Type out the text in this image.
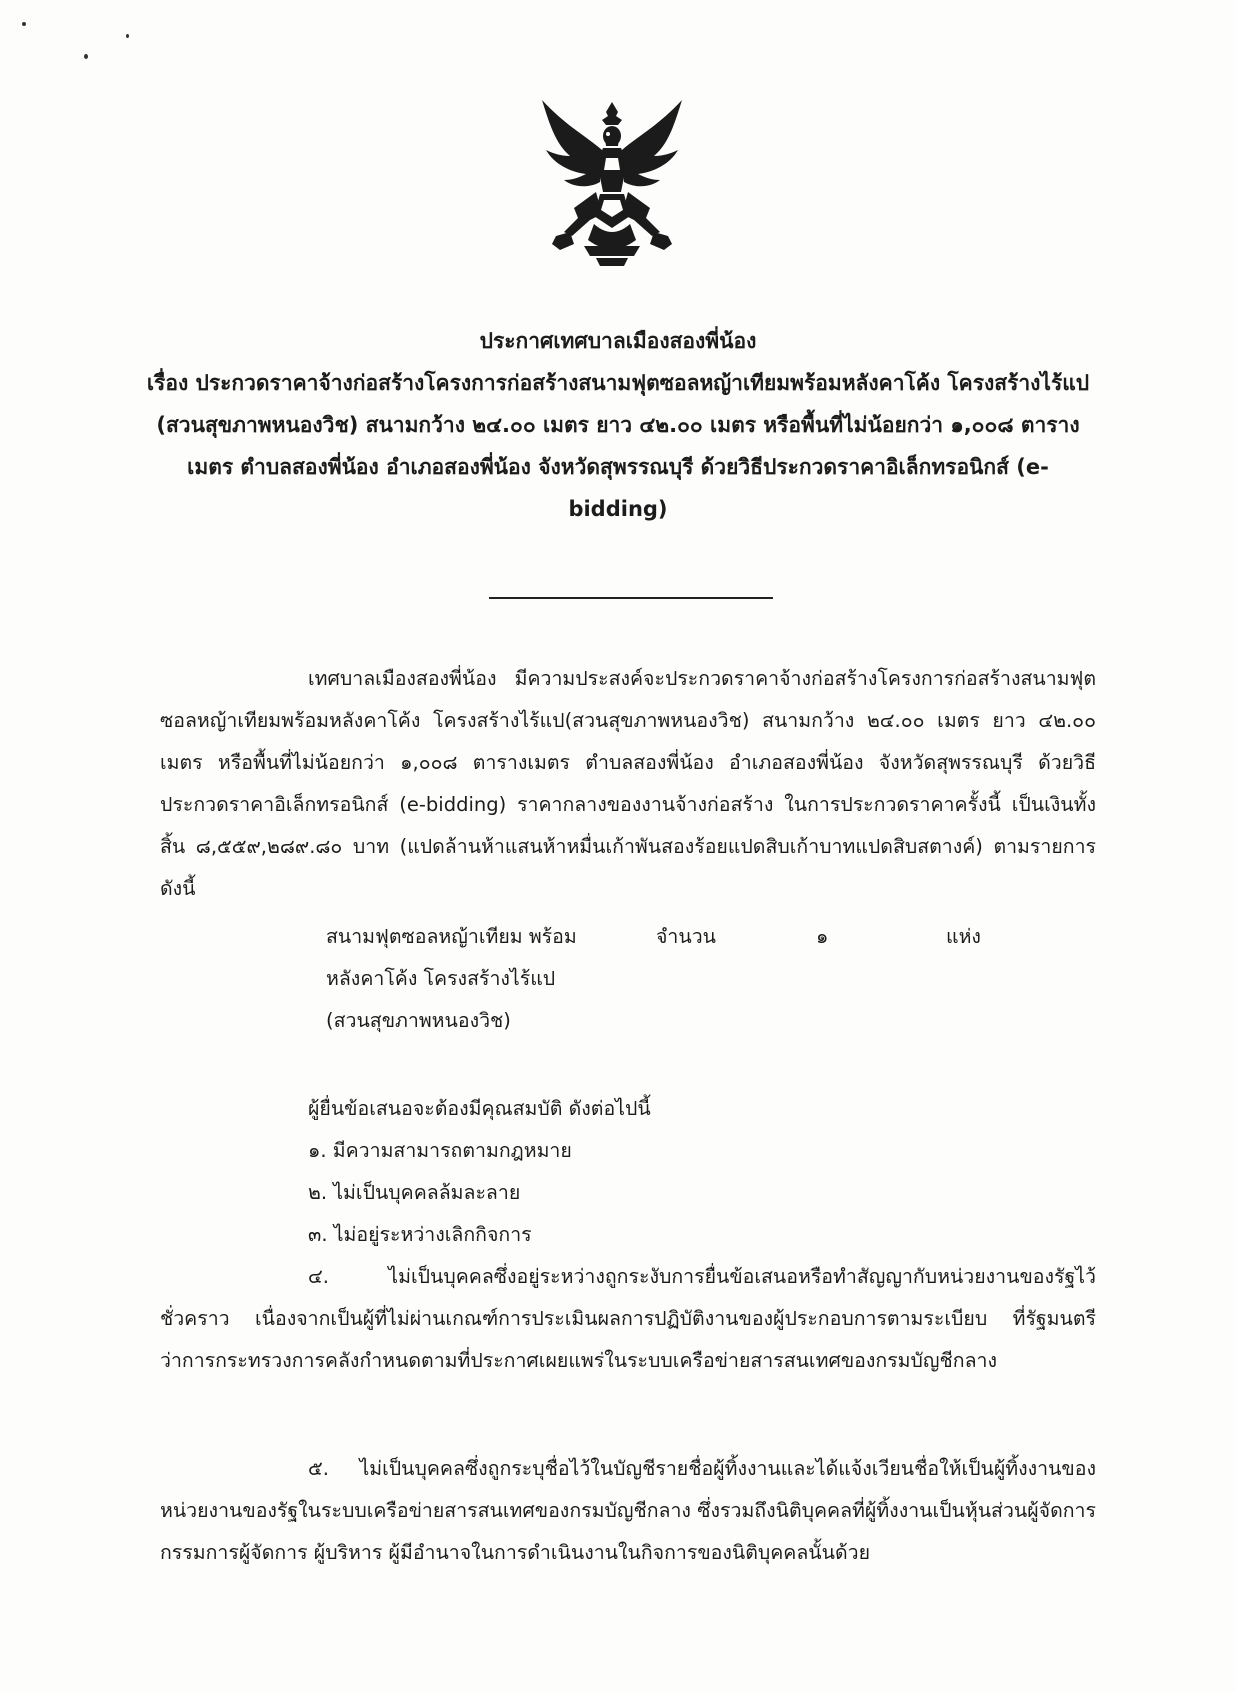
ประกาศเทศบาลเมืองสองพี่น้อง
เรื่อง ประกวดราคาจ้างก่อสร้างโครงการก่อสร้างสนามฟุตซอลหญ้าเทียมพร้อมหลังคาโค้ง โครงสร้างไร้แป (สวนสุขภาพหนองวิช) สนามกว้าง ๒๔.๐๐ เมตร ยาว ๔๒.๐๐ เมตร หรือพื้นที่ไม่น้อยกว่า ๑,๐๐๘ ตาราง เมตร ตำบลสองพี่น้อง อำเภอสองพี่น้อง จังหวัดสุพรรณบุรี ด้วยวิธีประกวดราคาอิเล็กทรอนิกส์ (e-bidding)

เทศบาลเมืองสองพี่น้อง มีความประสงค์จะประกวดราคาจ้างก่อสร้างโครงการก่อสร้างสนามฟุตซอลหญ้าเทียมพร้อมหลังคาโค้ง โครงสร้างไร้แป(สวนสุขภาพหนองวิช) สนามกว้าง ๒๔.๐๐ เมตร ยาว ๔๒.๐๐ เมตร หรือพื้นที่ไม่น้อยกว่า ๑,๐๐๘ ตารางเมตร ตำบลสองพี่น้อง อำเภอสองพี่น้อง จังหวัดสุพรรณบุรี ด้วยวิธีประกวดราคาอิเล็กทรอนิกส์ (e-bidding) ราคากลางของงานจ้างก่อสร้าง ในการประกวดราคาครั้งนี้ เป็นเงินทั้งสิ้น ๘,๕๕๙,๒๘๙.๘๐ บาท (แปดล้านห้าแสนห้าหมื่นเก้าพันสองร้อยแปดสิบเก้าบาทแปดสิบสตางค์) ตามรายการ ดังนี้

สนามฟุตซอลหญ้าเทียม พร้อม	จำนวน	๑	แห่ง
หลังคาโค้ง โครงสร้างไร้แป
(สวนสุขภาพหนองวิช)
ผู้ยื่นข้อเสนอจะต้องมีคุณสมบัติ ดังต่อไปนี้
๑. มีความสามารถตามกฎหมาย
๒. ไม่เป็นบุคคลล้มละลาย
๓. ไม่อยู่ระหว่างเลิกกิจการ

๔. ไม่เป็นบุคคลซึ่งอยู่ระหว่างถูกระงับการยื่นข้อเสนอหรือทำสัญญากับหน่วยงานของรัฐไว้ชั่วคราว เนื่องจากเป็นผู้ที่ไม่ผ่านเกณฑ์การประเมินผลการปฏิบัติงานของผู้ประกอบการตามระเบียบ ที่รัฐมนตรีว่าการกระทรวงการคลังกำหนดตามที่ประกาศเผยแพร่ในระบบเครือข่ายสารสนเทศของกรมบัญชีกลาง

๕. ไม่เป็นบุคคลซึ่งถูกระบุชื่อไว้ในบัญชีรายชื่อผู้ทิ้งงานและได้แจ้งเวียนชื่อให้เป็นผู้ทิ้งงานของหน่วยงานของรัฐในระบบเครือข่ายสารสนเทศของกรมบัญชีกลาง ซึ่งรวมถึงนิติบุคคลที่ผู้ทิ้งงานเป็นหุ้นส่วนผู้จัดการ กรรมการผู้จัดการ ผู้บริหาร ผู้มีอำนาจในการดำเนินงานในกิจการของนิติบุคคลนั้นด้วย
